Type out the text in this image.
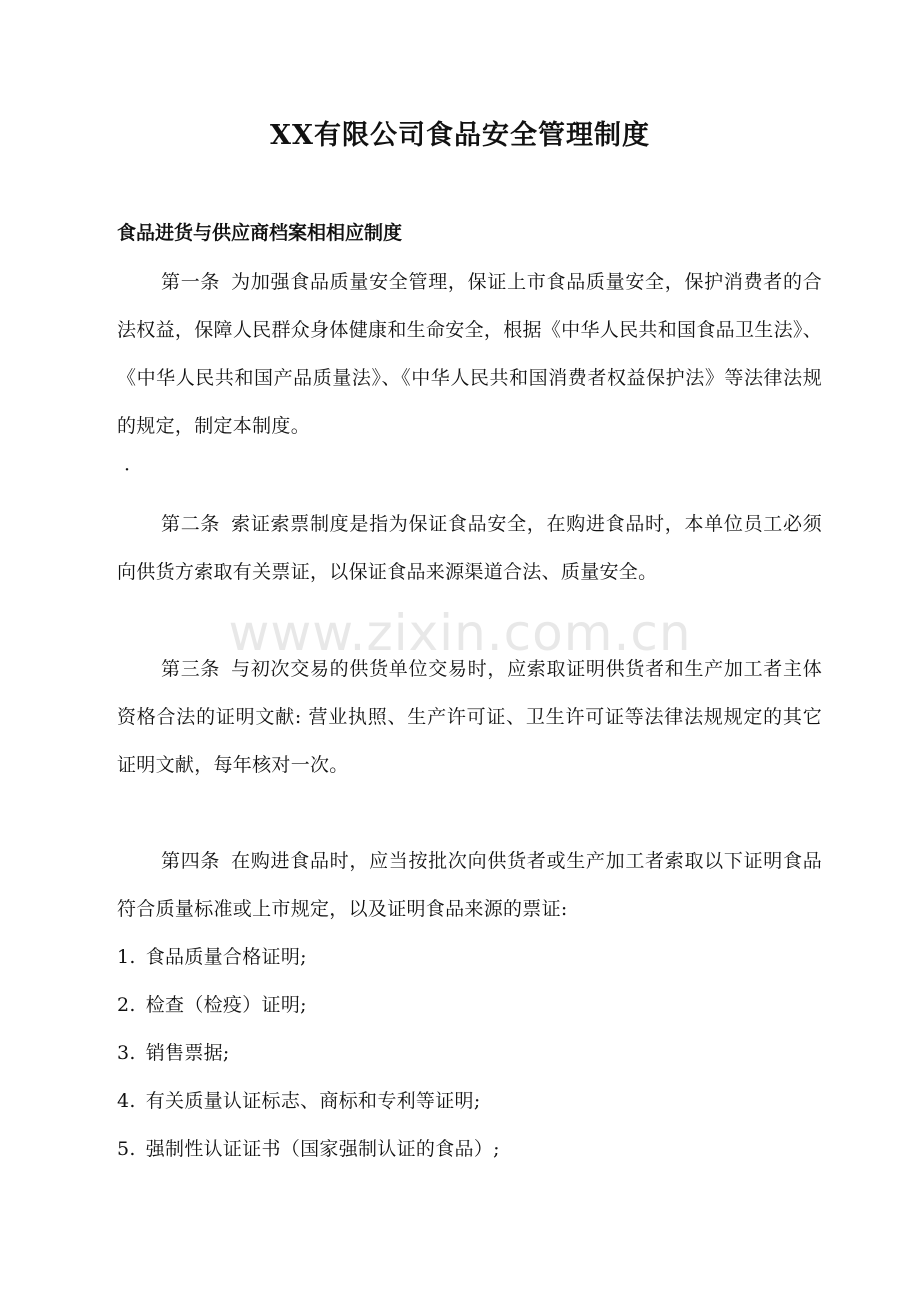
XX有限公司食品安全管理制度
食品进货与供应商档案相相应制度

第一条 为加强食品质量安全管理，保证上市食品质量安全，保护消费者的合法权益，保障人民群众身体健康和生命安全，根据《中华人民共和国食品卫生法》、《中华人民共和国产品质量法》、《中华人民共和国消费者权益保护法》等法律法规的规定，制定本制度。

·

第二条 索证索票制度是指为保证食品安全，在购进食品时，本单位员工必须向供货方索取有关票证，以保证食品来源渠道合法、质量安全。

第三条 与初次交易的供货单位交易时，应索取证明供货者和生产加工者主体资格合法的证明文献: 营业执照、生产许可证、卫生许可证等法律法规规定的其它证明文献，每年核对一次。

第四条 在购进食品时，应当按批次向供货者或生产加工者索取以下证明食品符合质量标准或上市规定，以及证明食品来源的票证:

1. 食品质量合格证明;
2. 检查（检疫）证明;
3. 销售票据;
4. 有关质量认证标志、商标和专利等证明;
5. 强制性认证证书（国家强制认证的食品）;
www.zixin.com.cn
